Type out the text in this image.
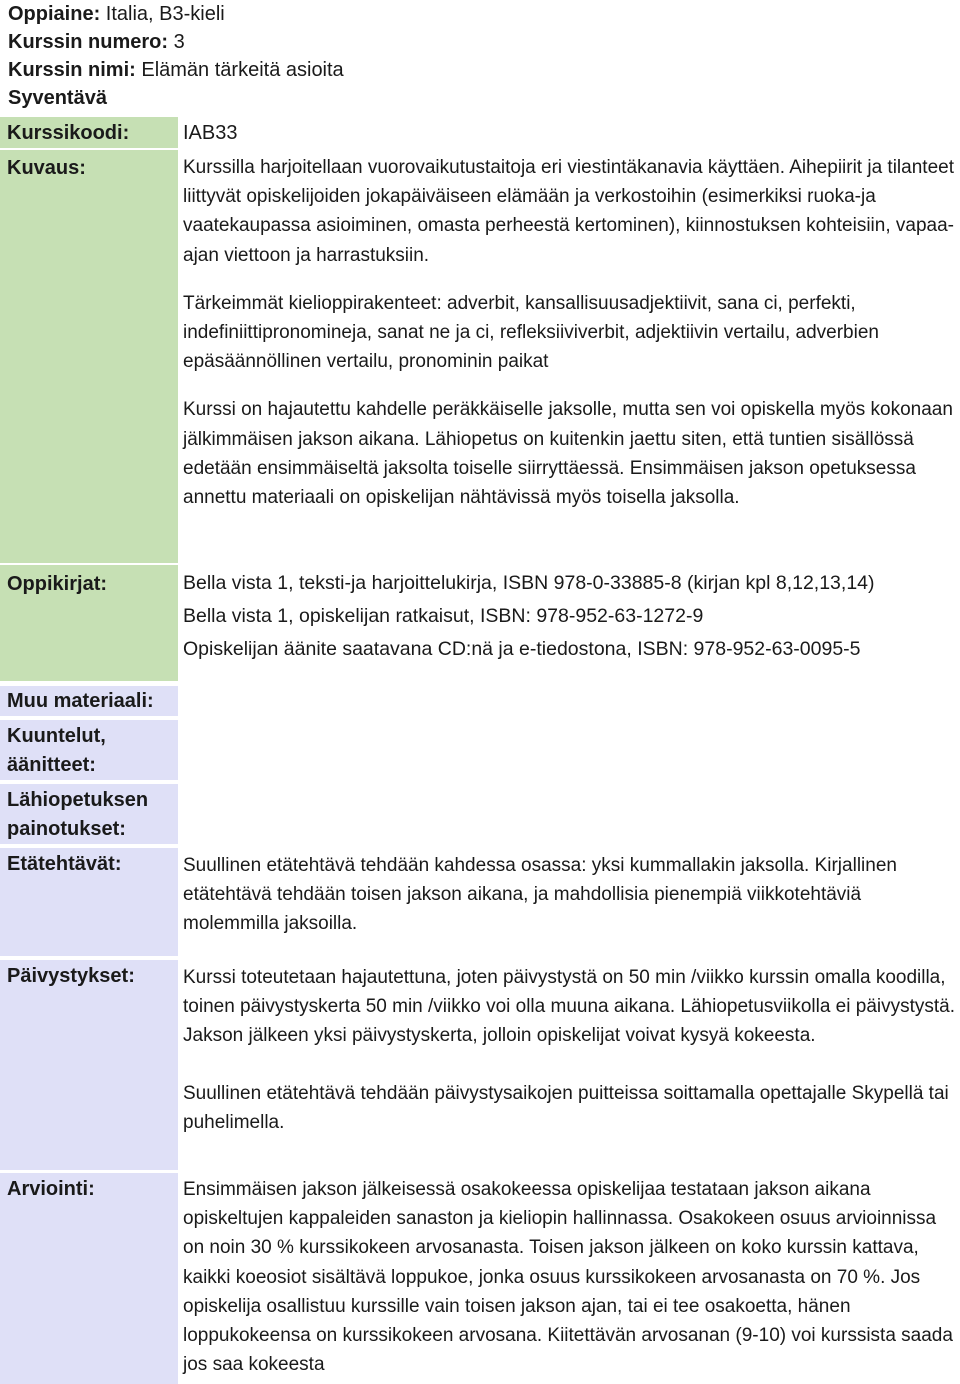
Oppiaine: Italia, B3-kieli
Kurssin numero: 3
Kurssin nimi: Elämän tärkeitä asioita
Syventävä
Kurssikoodi:	IAB33
Kuvaus:	Kurssilla harjoitellaan vuorovaikutustaitoja eri viestintäkanavia käyttäen. Aihepiirit ja tilanteet liittyvät opiskelijoiden jokapäiväiseen elämään ja verkostoihin (esimerkiksi ruoka-ja vaatekaupassa asioiminen, omasta perheestä kertominen), kiinnostuksen kohteisiin, vapaa-ajan viettoon ja harrastuksiin.

Tärkeimmät kielioppirakenteet: adverbit, kansallisuusadjektiivit, sana ci, perfekti, indefiniittipronomineja, sanat ne ja ci, refleksiiviverbit, adjektiivin vertailu, adverbien epäsäännöllinen vertailu, pronominin paikat

Kurssi on hajautettu kahdelle peräkkäiselle jaksolle, mutta sen voi opiskella myös kokonaan jälkimmäisen jakson aikana. Lähiopetus on kuitenkin jaettu siten, että tuntien sisällössä edetään ensimmäiseltä jaksolta toiselle siirryttäessä. Ensimmäisen jakson opetuksessa annettu materiaali on opiskelijan nähtävissä myös toisella jaksolla.

Oppikirjat:	Bella vista 1, teksti-ja harjoittelukirja, ISBN 978-0-33885-8 (kirjan kpl 8,12,13,14)

Bella vista 1, opiskelijan ratkaisut, ISBN: 978-952-63-1272-9

Opiskelijan äänite saatavana CD:nä ja e-tiedostona, ISBN: 978-952-63-0095-5

Muu materiaali:
Kuuntelut,
äänitteet:
Lähiopetuksen
painotukset:
Etätehtävät:	Suullinen etätehtävä tehdään kahdessa osassa: yksi kummallakin jaksolla. Kirjallinen etätehtävä tehdään toisen jakson aikana, ja mahdollisia pienempiä viikkotehtäviä molemmilla jaksoilla.
Päivystykset:	Kurssi toteutetaan hajautettuna, joten päivystystä on 50 min /viikko kurssin omalla koodilla, toinen päivystyskerta 50 min /viikko voi olla muuna aikana. Lähiopetusviikolla ei päivystystä. Jakson jälkeen yksi päivystyskerta, jolloin opiskelijat voivat kysyä kokeesta.

Suullinen etätehtävä tehdään päivystysaikojen puitteissa soittamalla opettajalle Skypellä tai puhelimella.

Arviointi:	Ensimmäisen jakson jälkeisessä osakokeessa opiskelijaa testataan jakson aikana opiskeltujen kappaleiden sanaston ja kieliopin hallinnassa. Osakokeen osuus arvioinnissa on noin 30 % kurssikokeen arvosanasta. Toisen jakson jälkeen on koko kurssin kattava, kaikki koeosiot sisältävä loppukoe, jonka osuus kurssikokeen arvosanasta on 70 %. Jos opiskelija osallistuu kurssille vain toisen jakson ajan, tai ei tee osakoetta, hänen loppukokeensa on kurssikokeen arvosana. Kiitettävän arvosanan (9-10) voi kurssista saada jos saa kokeesta
